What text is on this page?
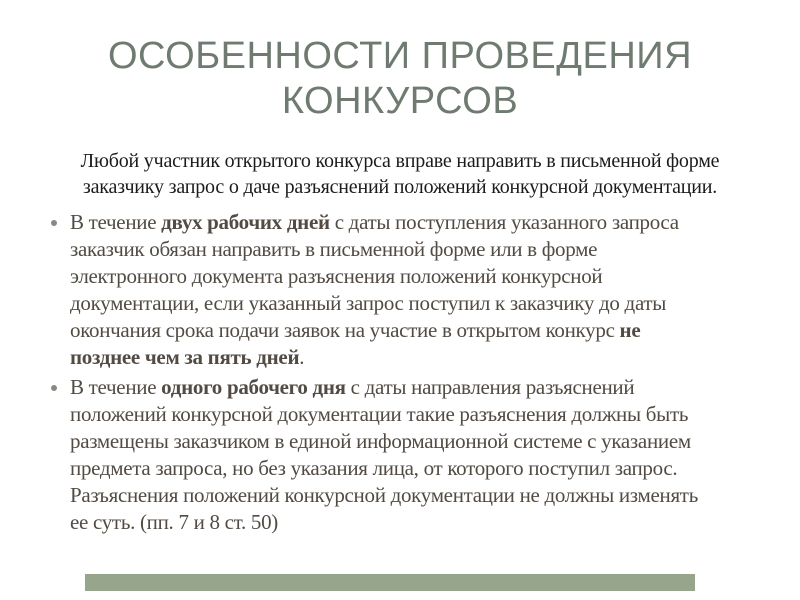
ОСОБЕННОСТИ ПРОВЕДЕНИЯ КОНКУРСОВ

Любой участник открытого конкурса вправе направить в письменной форме заказчику запрос о даче разъяснений положений конкурсной документации.

В течение двух рабочих дней с даты поступления указанного запроса заказчик обязан направить в письменной форме или в форме электронного документа разъяснения положений конкурсной документации, если указанный запрос поступил к заказчику до даты окончания срока подачи заявок на участие в открытом конкурс не позднее чем за пять дней.
В течение одного рабочего дня с даты направления разъяснений положений конкурсной документации такие разъяснения должны быть размещены заказчиком в единой информационной системе с указанием предмета запроса, но без указания лица, от которого поступил запрос. Разъяснения положений конкурсной документации не должны изменять ее суть. (пп. 7 и 8 ст. 50)
